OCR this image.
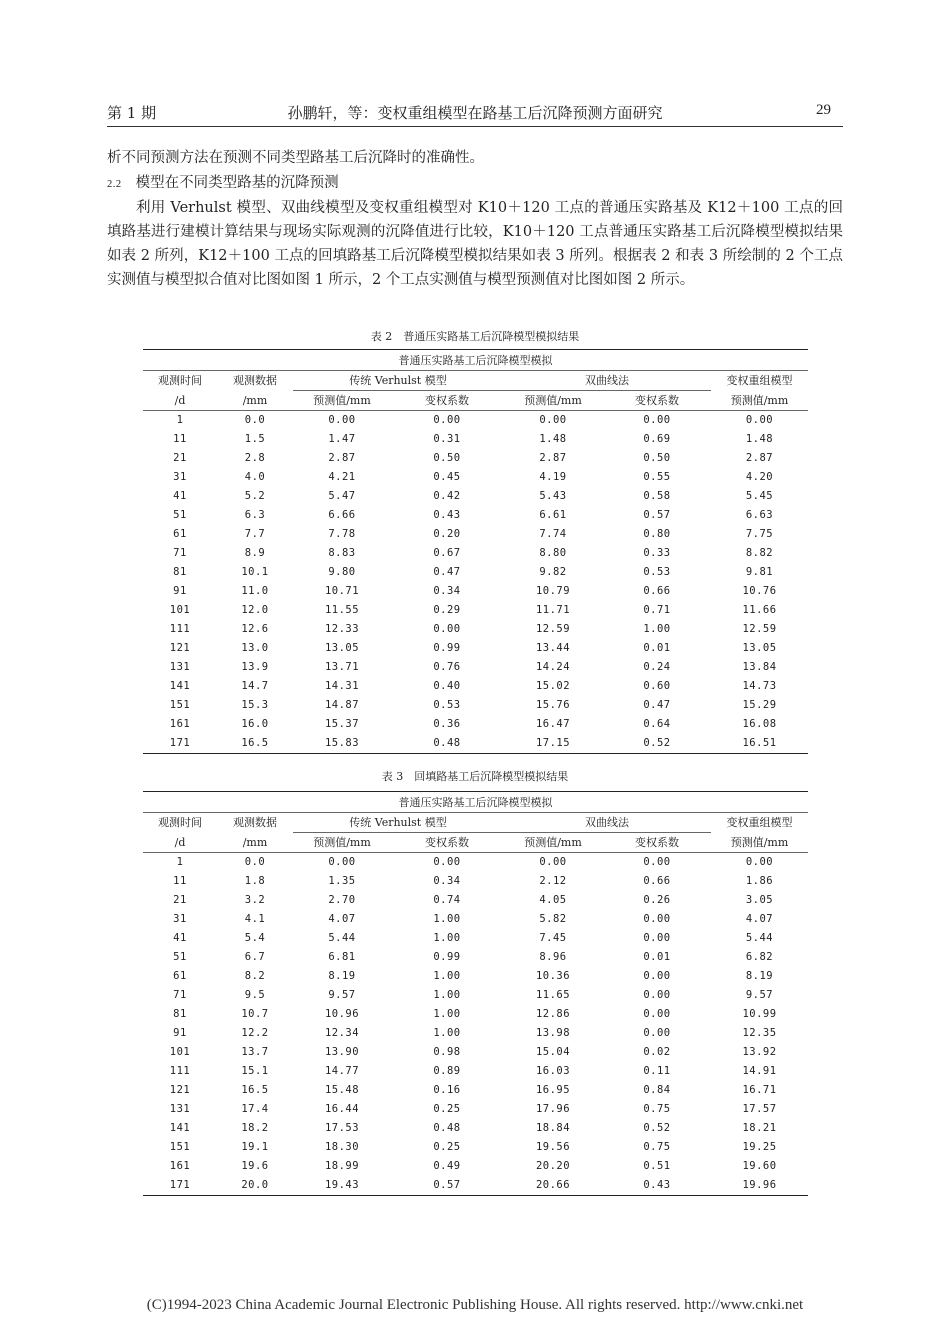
第 1 期	孙鹏轩，等：变权重组模型在路基工后沉降预测方面研究	29

析不同预测方法在预测不同类型路基工后沉降时的准确性。

2.2 模型在不同类型路基的沉降预测

利用 Verhulst 模型、双曲线模型及变权重组模型对 K10＋120 工点的普通压实路基及 K12＋100 工点的回填路基进行建模计算结果与现场实际观测的沉降值进行比较，K10＋120 工点普通压实路基工后沉降模型模拟结果如表 2 所列，K12＋100 工点的回填路基工后沉降模型模拟结果如表 3 所列。根据表 2 和表 3 所绘制的 2 个工点实测值与模型拟合值对比图如图 1 所示，2 个工点实测值与模型预测值对比图如图 2 所示。

表 2　普通压实路基工后沉降模型模拟结果
普通压实路基工后沉降模型模拟						
观测时间	观测数据	传统 Verhulst 模型		双曲线法		变权重组模型
/d	/mm	预测值/mm	变权系数	预测值/mm	变权系数	预测值/mm
1	0.0	0.00	0.00	0.00	0.00	0.00
11	1.5	1.47	0.31	1.48	0.69	1.48
21	2.8	2.87	0.50	2.87	0.50	2.87
31	4.0	4.21	0.45	4.19	0.55	4.20
41	5.2	5.47	0.42	5.43	0.58	5.45
51	6.3	6.66	0.43	6.61	0.57	6.63
61	7.7	7.78	0.20	7.74	0.80	7.75
71	8.9	8.83	0.67	8.80	0.33	8.82
81	10.1	9.80	0.47	9.82	0.53	9.81
91	11.0	10.71	0.34	10.79	0.66	10.76
101	12.0	11.55	0.29	11.71	0.71	11.66
111	12.6	12.33	0.00	12.59	1.00	12.59
121	13.0	13.05	0.99	13.44	0.01	13.05
131	13.9	13.71	0.76	14.24	0.24	13.84
141	14.7	14.31	0.40	15.02	0.60	14.73
151	15.3	14.87	0.53	15.76	0.47	15.29
161	16.0	15.37	0.36	16.47	0.64	16.08
171	16.5	15.83	0.48	17.15	0.52	16.51
表 3　回填路基工后沉降模型模拟结果
普通压实路基工后沉降模型模拟						
观测时间	观测数据	传统 Verhulst 模型		双曲线法		变权重组模型
/d	/mm	预测值/mm	变权系数	预测值/mm	变权系数	预测值/mm
1	0.0	0.00	0.00	0.00	0.00	0.00
11	1.8	1.35	0.34	2.12	0.66	1.86
21	3.2	2.70	0.74	4.05	0.26	3.05
31	4.1	4.07	1.00	5.82	0.00	4.07
41	5.4	5.44	1.00	7.45	0.00	5.44
51	6.7	6.81	0.99	8.96	0.01	6.82
61	8.2	8.19	1.00	10.36	0.00	8.19
71	9.5	9.57	1.00	11.65	0.00	9.57
81	10.7	10.96	1.00	12.86	0.00	10.99
91	12.2	12.34	1.00	13.98	0.00	12.35
101	13.7	13.90	0.98	15.04	0.02	13.92
111	15.1	14.77	0.89	16.03	0.11	14.91
121	16.5	15.48	0.16	16.95	0.84	16.71
131	17.4	16.44	0.25	17.96	0.75	17.57
141	18.2	17.53	0.48	18.84	0.52	18.21
151	19.1	18.30	0.25	19.56	0.75	19.25
161	19.6	18.99	0.49	20.20	0.51	19.60
171	20.0	19.43	0.57	20.66	0.43	19.96
(C)1994-2023 China Academic Journal Electronic Publishing House. All rights reserved. http://www.cnki.net
